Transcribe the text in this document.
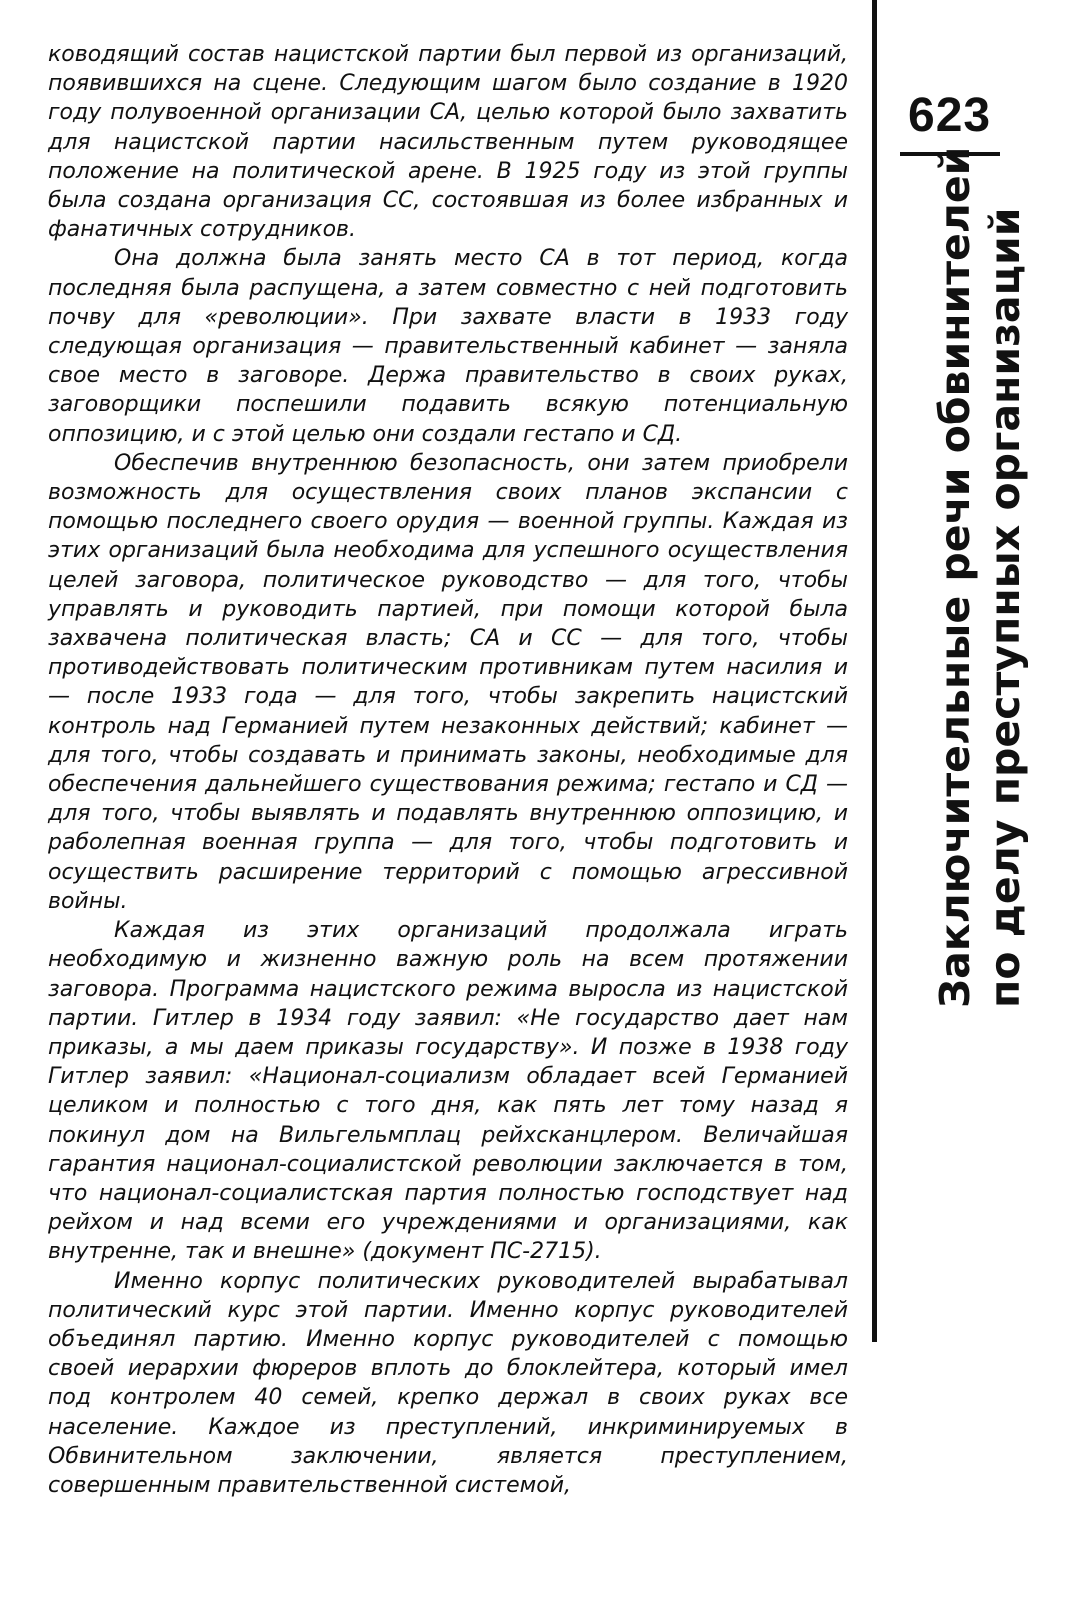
ководящий состав нацистской партии был первой из организаций, появившихся на сцене. Следующим шагом было создание в 1920 году полувоенной организации СА, целью которой было захватить для нацистской партии насильственным путем руководящее положение на политической арене. В 1925 году из этой группы была создана организация СС, состоявшая из более избранных и фанатичных сотрудников.

Она должна была занять место СА в тот период, когда последняя была распущена, а затем совместно с ней подготовить почву для «революции». При захвате власти в 1933 году следующая организация — правительственный кабинет — заняла свое место в заговоре. Держа правительство в своих руках, заговорщики поспешили подавить всякую потенциальную оппозицию, и с этой целью они создали гестапо и СД.

Обеспечив внутреннюю безопасность, они затем приобрели возможность для осуществления своих планов экспансии с помощью последнего своего орудия — военной группы. Каждая из этих организаций была необходима для успешного осуществления целей заговора, политическое руководство — для того, чтобы управлять и руководить партией, при помощи которой была захвачена политическая власть; СА и СС — для того, чтобы противодействовать политическим противникам путем насилия и — после 1933 года — для того, чтобы закрепить нацистский контроль над Германией путем незаконных действий; кабинет — для того, чтобы создавать и принимать законы, необходимые для обеспечения дальнейшего существования режима; гестапо и СД — для того, чтобы выявлять и подавлять внутреннюю оппозицию, и раболепная военная группа — для того, чтобы подготовить и осуществить расширение территорий с помощью агрессивной войны.

Каждая из этих организаций продолжала играть необходимую и жизненно важную роль на всем протяжении заговора. Программа нацистского режима выросла из нацистской партии. Гитлер в 1934 году заявил: «Не государство дает нам приказы, а мы даем приказы государству». И позже в 1938 году Гитлер заявил: «Национал-социализм обладает всей Германией целиком и полностью с того дня, как пять лет тому назад я покинул дом на Вильгельмплац рейхсканцлером. Величайшая гарантия национал-социалистской революции заключается в том, что национал-социалистская партия полностью господствует над рейхом и над всеми его учреждениями и организациями, как внутренне, так и внешне» (документ ПС-2715).

Именно корпус политических руководителей вырабатывал политический курс этой партии. Именно корпус руководителей объединял партию. Именно корпус руководителей с помощью своей иерархии фюреров вплоть до блоклейтера, который имел под контролем 40 семей, крепко держал в своих руках все население. Каждое из преступлений, инкриминируемых в Обвинительном заключении, является преступлением, совершенным правительственной системой,

623
Заключительные речи обвинителей по делу преступных организаций
